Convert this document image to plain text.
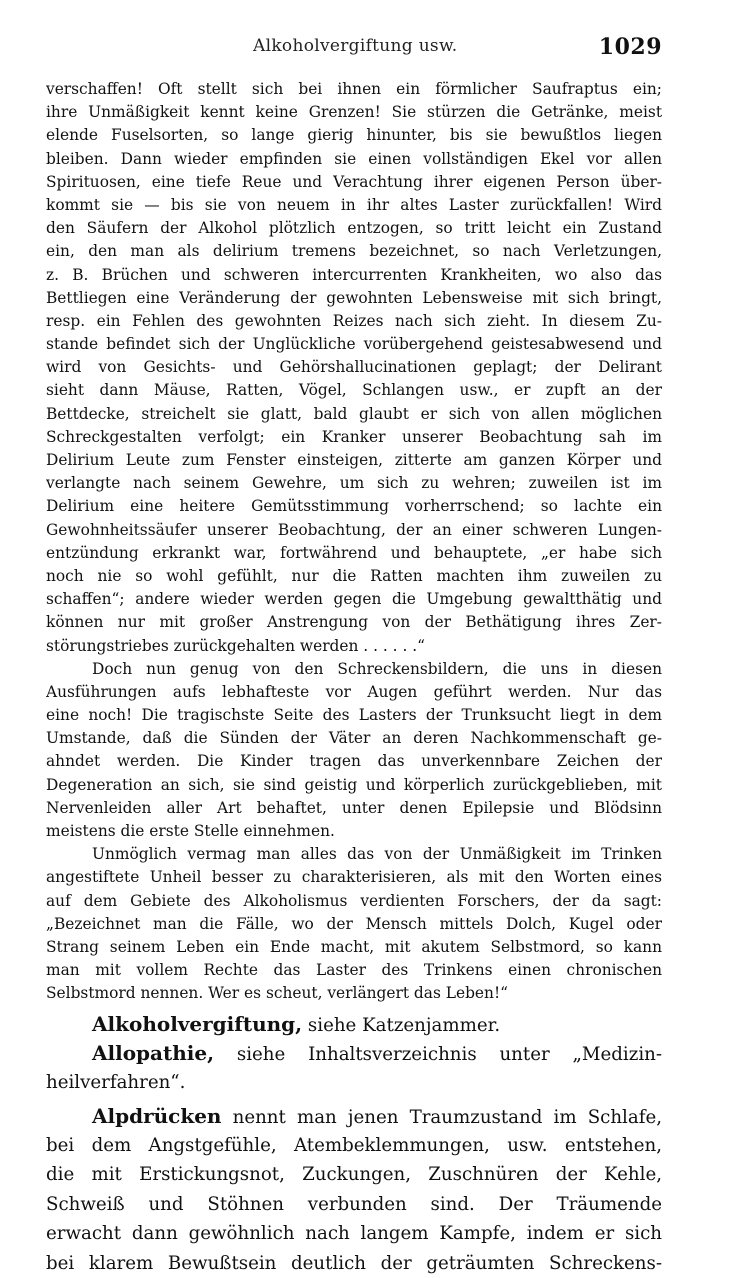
Alkoholvergiftung usw.	1029
verschaffen! Oft stellt sich bei ihnen ein förmlicher Saufraptus ein;
ihre Unmäßigkeit kennt keine Grenzen! Sie stürzen die Getränke, meist
elende Fuselsorten, so lange gierig hinunter, bis sie bewußtlos liegen
bleiben. Dann wieder empfinden sie einen vollständigen Ekel vor allen
Spirituosen, eine tiefe Reue und Verachtung ihrer eigenen Person über-
kommt sie — bis sie von neuem in ihr altes Laster zurückfallen! Wird
den Säufern der Alkohol plötzlich entzogen, so tritt leicht ein Zustand
ein, den man als delirium tremens bezeichnet, so nach Verletzungen,
z. B. Brüchen und schweren intercurrenten Krankheiten, wo also das
Bettliegen eine Veränderung der gewohnten Lebensweise mit sich bringt,
resp. ein Fehlen des gewohnten Reizes nach sich zieht. In diesem Zu-
stande befindet sich der Unglückliche vorübergehend geistesabwesend und
wird von Gesichts- und Gehörshallucinationen geplagt; der Delirant
sieht dann Mäuse, Ratten, Vögel, Schlangen usw., er zupft an der
Bettdecke, streichelt sie glatt, bald glaubt er sich von allen möglichen
Schreckgestalten verfolgt; ein Kranker unserer Beobachtung sah im
Delirium Leute zum Fenster einsteigen, zitterte am ganzen Körper und
verlangte nach seinem Gewehre, um sich zu wehren; zuweilen ist im
Delirium eine heitere Gemütsstimmung vorherrschend; so lachte ein
Gewohnheitssäufer unserer Beobachtung, der an einer schweren Lungen-
entzündung erkrankt war, fortwährend und behauptete, „er habe sich
noch nie so wohl gefühlt, nur die Ratten machten ihm zuweilen zu
schaffen“; andere wieder werden gegen die Umgebung gewaltthätig und
können nur mit großer Anstrengung von der Bethätigung ihres Zer-
störungstriebes zurückgehalten werden . . . . . .“
Doch nun genug von den Schreckensbildern, die uns in diesen
Ausführungen aufs lebhafteste vor Augen geführt werden. Nur das
eine noch! Die tragischste Seite des Lasters der Trunksucht liegt in dem
Umstande, daß die Sünden der Väter an deren Nachkommenschaft ge-
ahndet werden. Die Kinder tragen das unverkennbare Zeichen der
Degeneration an sich, sie sind geistig und körperlich zurückgeblieben, mit
Nervenleiden aller Art behaftet, unter denen Epilepsie und Blödsinn
meistens die erste Stelle einnehmen.
Unmöglich vermag man alles das von der Unmäßigkeit im Trinken
angestiftete Unheil besser zu charakterisieren, als mit den Worten eines
auf dem Gebiete des Alkoholismus verdienten Forschers, der da sagt:
„Bezeichnet man die Fälle, wo der Mensch mittels Dolch, Kugel oder
Strang seinem Leben ein Ende macht, mit akutem Selbstmord, so kann
man mit vollem Rechte das Laster des Trinkens einen chronischen
Selbstmord nennen. Wer es scheut, verlängert das Leben!“
Alkoholvergiftung, siehe Katzenjammer.
Allopathie, siehe Inhaltsverzeichnis unter „Medizin-
heilverfahren“.
Alpdrücken nennt man jenen Traumzustand im Schlafe,
bei dem Angstgefühle, Atembeklemmungen, usw. entstehen,
die mit Erstickungsnot, Zuckungen, Zuschnüren der Kehle,
Schweiß und Stöhnen verbunden sind. Der Träumende
erwacht dann gewöhnlich nach langem Kampfe, indem er sich
bei klarem Bewußtsein deutlich der geträumten Schreckens-
